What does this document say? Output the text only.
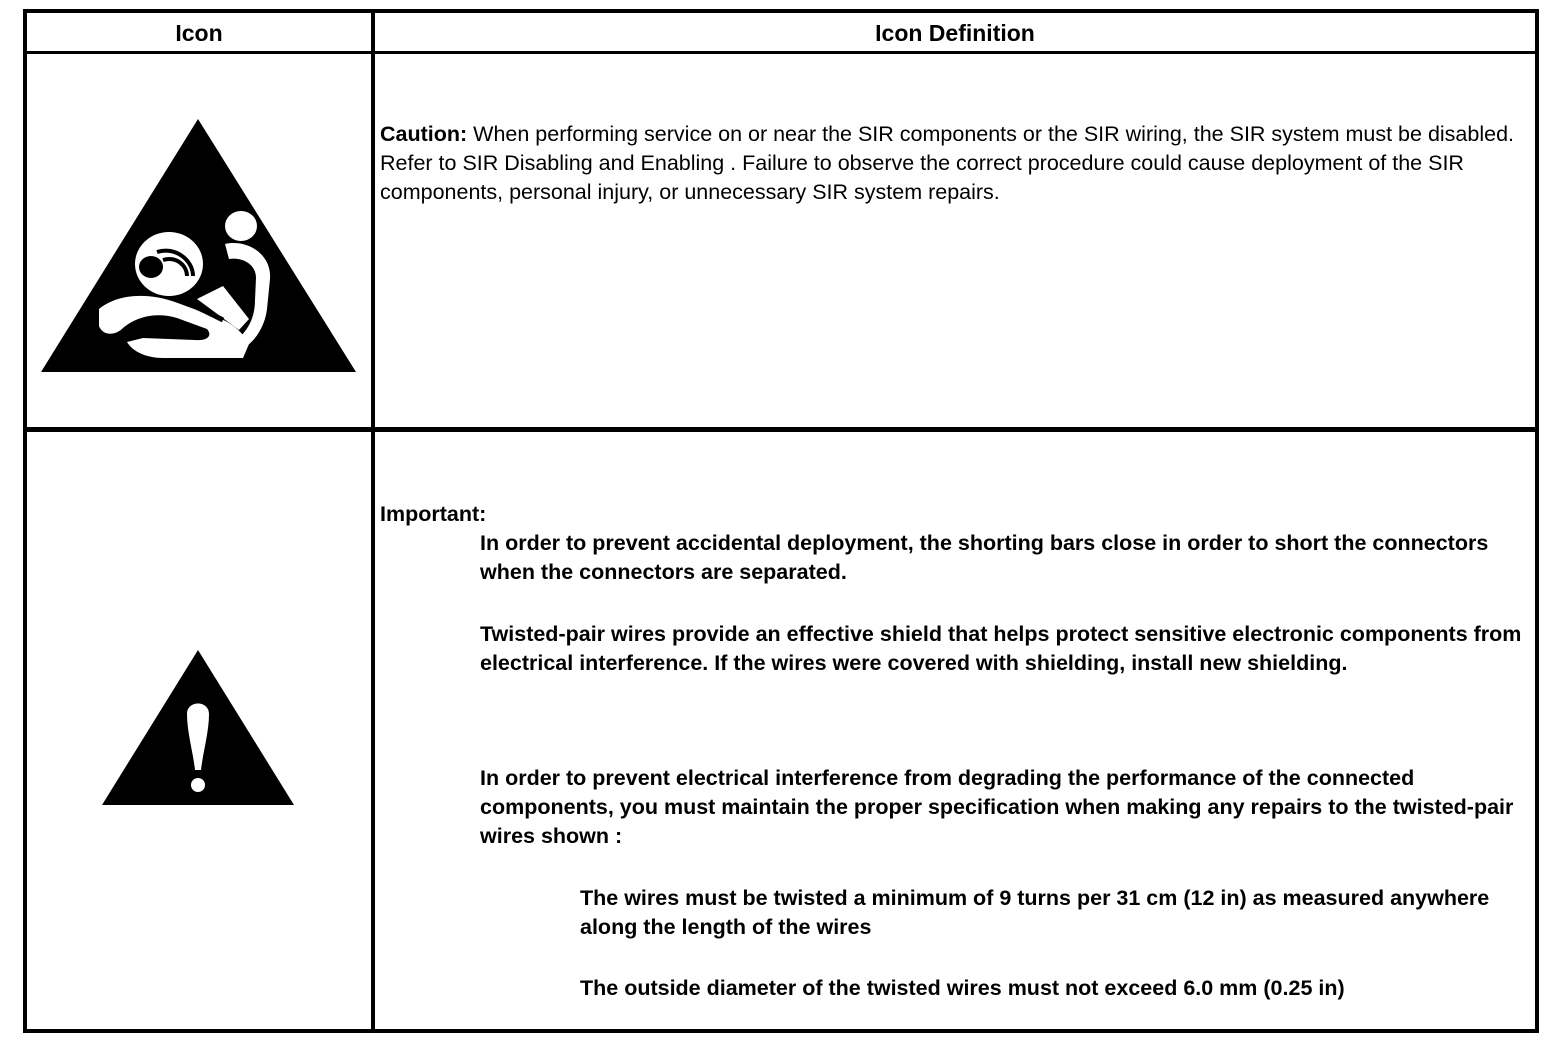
Icon	Icon Definition
Caution: When performing service on or near the SIR components or the SIR wiring, the SIR system must be disabled. Refer to SIR Disabling and Enabling . Failure to observe the correct procedure could cause deployment of the SIR components, personal injury, or unnecessary SIR system repairs.
Important:
In order to prevent accidental deployment, the shorting bars close in order to short the connectors when the connectors are separated.
Twisted-pair wires provide an effective shield that helps protect sensitive electronic components from electrical interference. If the wires were covered with shielding, install new shielding.
In order to prevent electrical interference from degrading the performance of the connected components, you must maintain the proper specification when making any repairs to the twisted-pair wires shown :
The wires must be twisted a minimum of 9 turns per 31 cm (12 in) as measured anywhere along the length of the wires
The outside diameter of the twisted wires must not exceed 6.0 mm (0.25 in)
